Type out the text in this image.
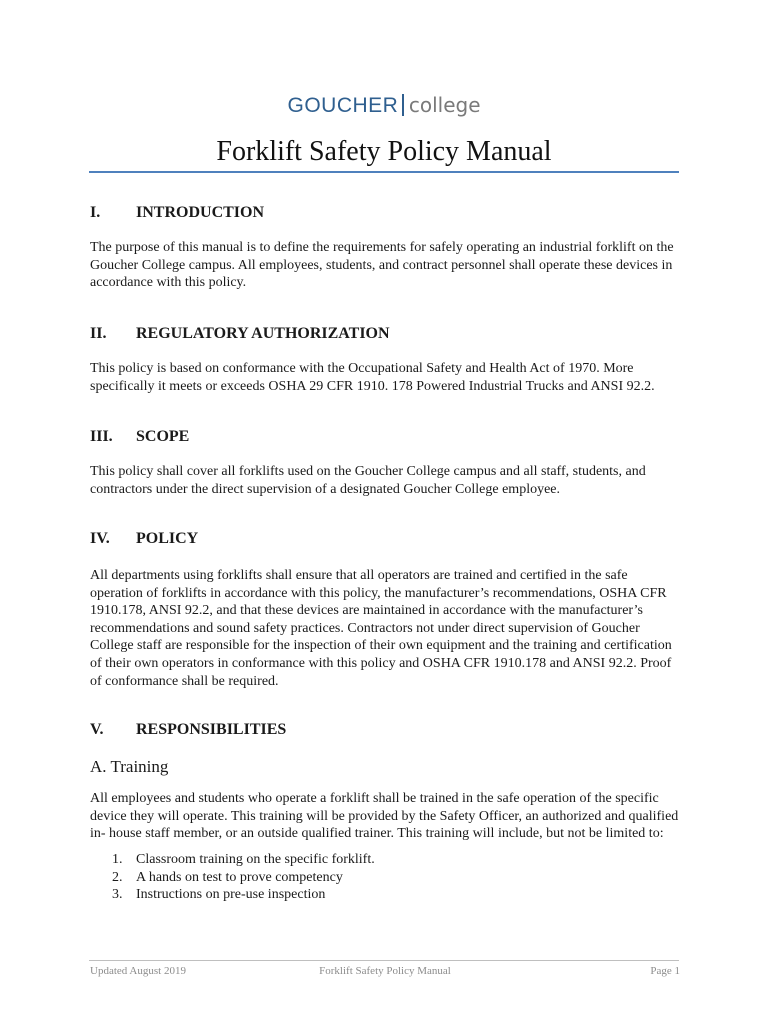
GOUCHER college
Forklift Safety Policy Manual
I. INTRODUCTION

The purpose of this manual is to define the requirements for safely operating an industrial forklift on the Goucher College campus. All employees, students, and contract personnel shall operate these devices in accordance with this policy.

II. REGULATORY AUTHORIZATION

This policy is based on conformance with the Occupational Safety and Health Act of 1970. More specifically it meets or exceeds OSHA 29 CFR 1910. 178 Powered Industrial Trucks and ANSI 92.2.

III. SCOPE

This policy shall cover all forklifts used on the Goucher College campus and all staff, students, and contractors under the direct supervision of a designated Goucher College employee.

IV. POLICY

All departments using forklifts shall ensure that all operators are trained and certified in the safe operation of forklifts in accordance with this policy, the manufacturer’s recommendations, OSHA CFR 1910.178, ANSI 92.2, and that these devices are maintained in accordance with the manufacturer’s recommendations and sound safety practices. Contractors not under direct supervision of Goucher College staff are responsible for the inspection of their own equipment and the training and certification of their own operators in conformance with this policy and OSHA CFR 1910.178 and ANSI 92.2. Proof of conformance shall be required.

V. RESPONSIBILITIES
A. Training

All employees and students who operate a forklift shall be trained in the safe operation of the specific device they will operate. This training will be provided by the Safety Officer, an authorized and qualified in- house staff member, or an outside qualified trainer. This training will include, but not be limited to:

1. Classroom training on the specific forklift.
2. A hands on test to prove competency
3. Instructions on pre-use inspection
Updated August 2019	Forklift Safety Policy Manual	Page 1
